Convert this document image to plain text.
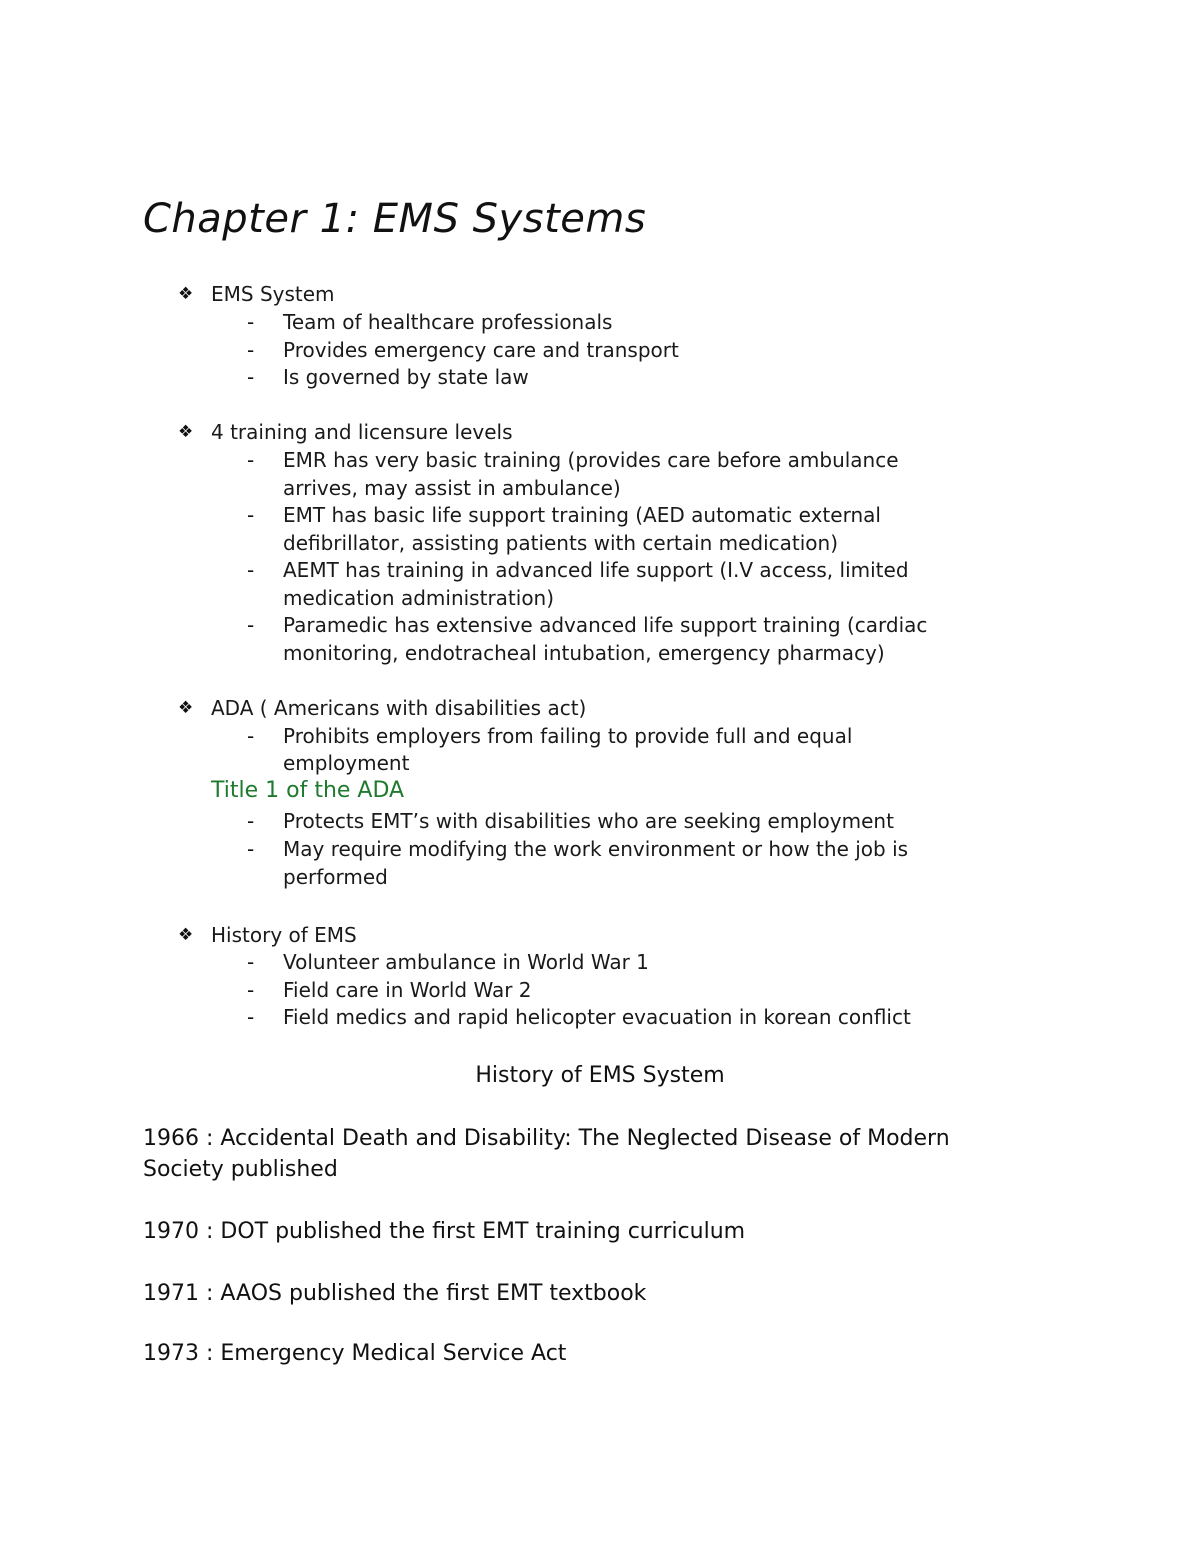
Chapter 1: EMS Systems
❖ EMS System
- Team of healthcare professionals
- Provides emergency care and transport
- Is governed by state law
❖ 4 training and licensure levels
- EMR has very basic training (provides care before ambulance
arrives, may assist in ambulance)
- EMT has basic life support training (AED automatic external
defibrillator, assisting patients with certain medication)
- AEMT has training in advanced life support (I.V access, limited
medication administration)
- Paramedic has extensive advanced life support training (cardiac
monitoring, endotracheal intubation, emergency pharmacy)
❖ ADA ( Americans with disabilities act)
- Prohibits employers from failing to provide full and equal
employment
Title 1 of the ADA
- Protects EMT’s with disabilities who are seeking employment
- May require modifying the work environment or how the job is
performed
❖ History of EMS
- Volunteer ambulance in World War 1
- Field care in World War 2
- Field medics and rapid helicopter evacuation in korean conflict
History of EMS System
1966 : Accidental Death and Disability: The Neglected Disease of Modern
Society published
1970 : DOT published the first EMT training curriculum
1971 : AAOS published the first EMT textbook
1973 : Emergency Medical Service Act
